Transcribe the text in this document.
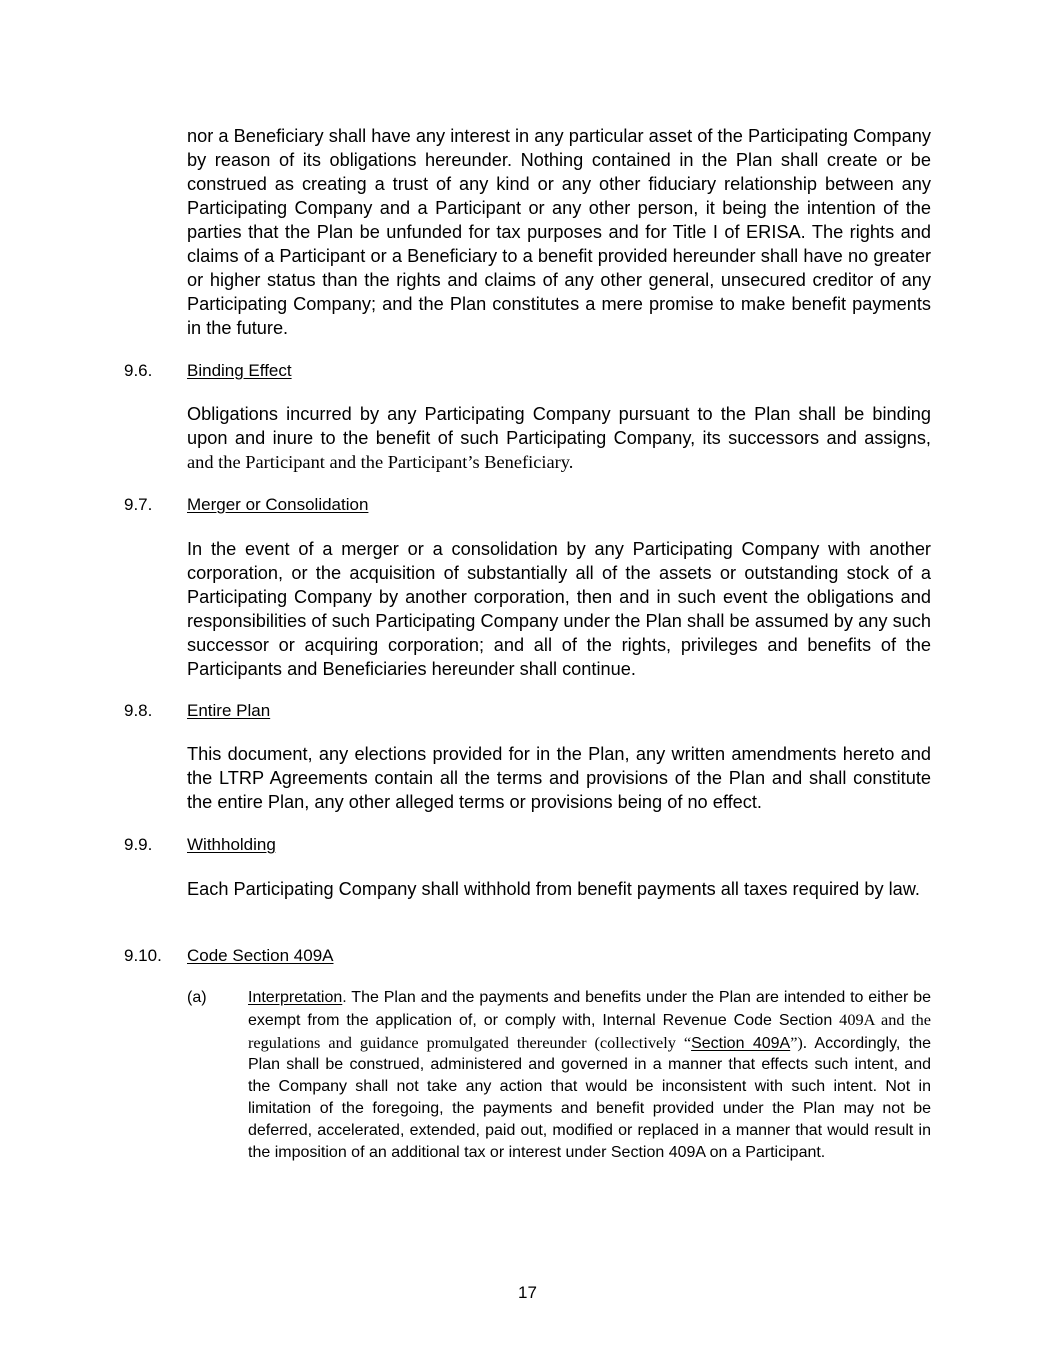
nor a Beneficiary shall have any interest in any particular asset of the Participating Company by reason of its obligations hereunder. Nothing contained in the Plan shall create or be construed as creating a trust of any kind or any other fiduciary relationship between any Participating Company and a Participant or any other person, it being the intention of the parties that the Plan be unfunded for tax purposes and for Title I of ERISA. The rights and claims of a Participant or a Beneficiary to a benefit provided hereunder shall have no greater or higher status than the rights and claims of any other general, unsecured creditor of any Participating Company; and the Plan constitutes a mere promise to make benefit payments in the future.

9.6. Binding Effect

Obligations incurred by any Participating Company pursuant to the Plan shall be binding upon and inure to the benefit of such Participating Company, its successors and assigns, and the Participant and the Participant’s Beneficiary.

9.7. Merger or Consolidation

In the event of a merger or a consolidation by any Participating Company with another corporation, or the acquisition of substantially all of the assets or outstanding stock of a Participating Company by another corporation, then and in such event the obligations and responsibilities of such Participating Company under the Plan shall be assumed by any such successor or acquiring corporation; and all of the rights, privileges and benefits of the Participants and Beneficiaries hereunder shall continue.

9.8. Entire Plan

This document, any elections provided for in the Plan, any written amendments hereto and the LTRP Agreements contain all the terms and provisions of the Plan and shall constitute the entire Plan, any other alleged terms or provisions being of no effect.

9.9. Withholding

Each Participating Company shall withhold from benefit payments all taxes required by law.

9.10. Code Section 409A
(a)	Interpretation. The Plan and the payments and benefits under the Plan are intended to either be exempt from the application of, or comply with, Internal Revenue Code Section 409A and the regulations and guidance promulgated thereunder (collectively “Section 409A”). Accordingly, the Plan shall be construed, administered and governed in a manner that effects such intent, and the Company shall not take any action that would be inconsistent with such intent. Not in limitation of the foregoing, the payments and benefit provided under the Plan may not be deferred, accelerated, extended, paid out, modified or replaced in a manner that would result in the imposition of an additional tax or interest under Section 409A on a Participant.
17
